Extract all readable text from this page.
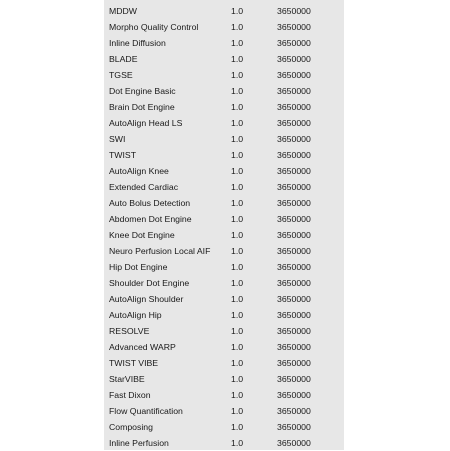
MDDW	1.0	3650000
Morpho Quality Control	1.0	3650000
Inline Diffusion	1.0	3650000
BLADE	1.0	3650000
TGSE	1.0	3650000
Dot Engine Basic	1.0	3650000
Brain Dot Engine	1.0	3650000
AutoAlign Head LS	1.0	3650000
SWI	1.0	3650000
TWIST	1.0	3650000
AutoAlign Knee	1.0	3650000
Extended Cardiac	1.0	3650000
Auto Bolus Detection	1.0	3650000
Abdomen Dot Engine	1.0	3650000
Knee Dot Engine	1.0	3650000
Neuro Perfusion Local AIF	1.0	3650000
Hip Dot Engine	1.0	3650000
Shoulder Dot Engine	1.0	3650000
AutoAlign Shoulder	1.0	3650000
AutoAlign Hip	1.0	3650000
RESOLVE	1.0	3650000
Advanced WARP	1.0	3650000
TWIST VIBE	1.0	3650000
StarVIBE	1.0	3650000
Fast Dixon	1.0	3650000
Flow Quantification	1.0	3650000
Composing	1.0	3650000
Inline Perfusion	1.0	3650000
